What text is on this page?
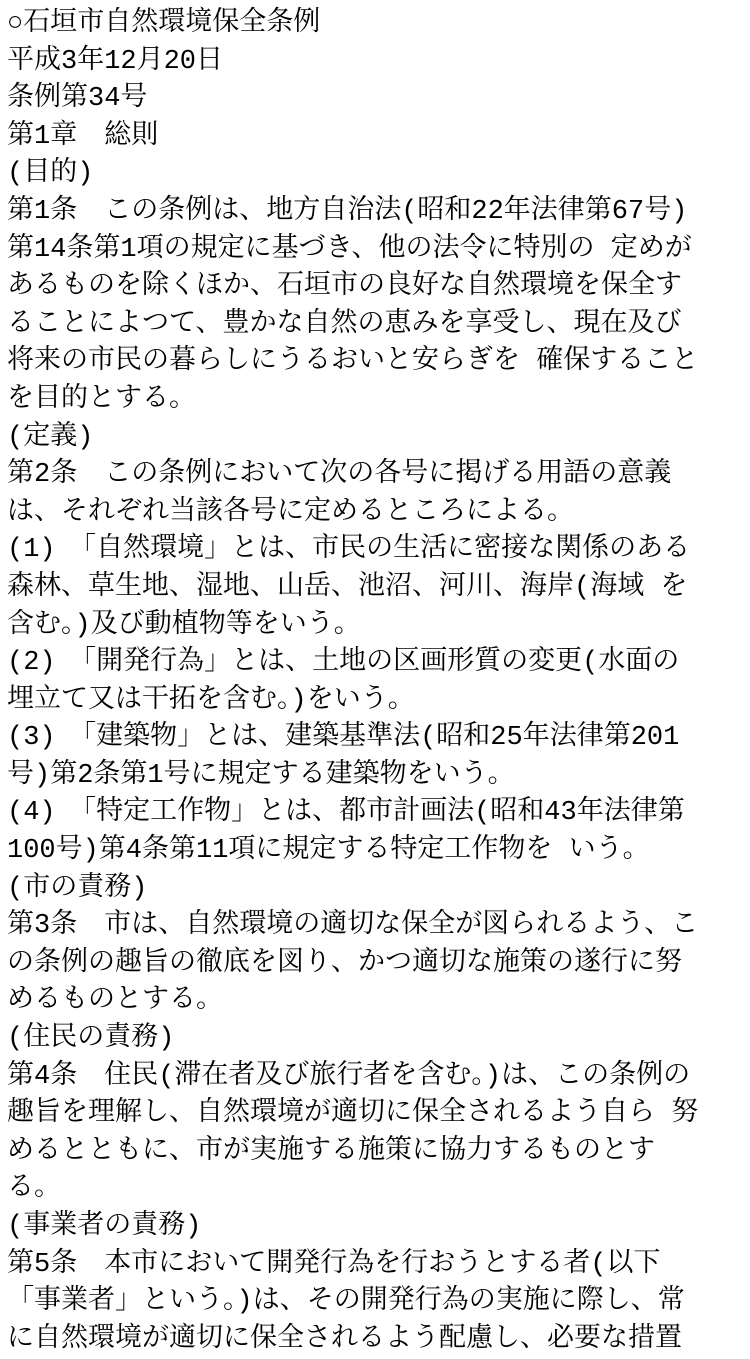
○石垣市自然環境保全条例
平成3年12月20日
条例第34号
第1章　総則
(目的)
第1条　この条例は、地方自治法(昭和22年法律第67号)
第14条第1項の規定に基づき、他の法令に特別の 定めが
あるものを除くほか、石垣市の良好な自然環境を保全す
ることによつて、豊かな自然の恵みを享受し、現在及び
将来の市民の暮らしにうるおいと安らぎを 確保すること
を目的とする。
(定義)
第2条　この条例において次の各号に掲げる用語の意義
は、それぞれ当該各号に定めるところによる。
(1)　「自然環境」とは、市民の生活に密接な関係のある
森林、草生地、湿地、山岳、池沼、河川、海岸(海域 を
含む。)及び動植物等をいう。
(2)　「開発行為」とは、土地の区画形質の変更(水面の
埋立て又は干拓を含む。)をいう。
(3)　「建築物」とは、建築基準法(昭和25年法律第201
号)第2条第1号に規定する建築物をいう。
(4)　「特定工作物」とは、都市計画法(昭和43年法律第
100号)第4条第11項に規定する特定工作物を いう。
(市の責務)
第3条　市は、自然環境の適切な保全が図られるよう、こ
の条例の趣旨の徹底を図り、かつ適切な施策の遂行に努
めるものとする。
(住民の責務)
第4条　住民(滞在者及び旅行者を含む。)は、この条例の
趣旨を理解し、自然環境が適切に保全されるよう自ら 努
めるとともに、市が実施する施策に協力するものとす
る。
(事業者の責務)
第5条　本市において開発行為を行おうとする者(以下
「事業者」という。)は、その開発行為の実施に際し、常
に自然環境が適切に保全されるよう配慮し、必要な措置
